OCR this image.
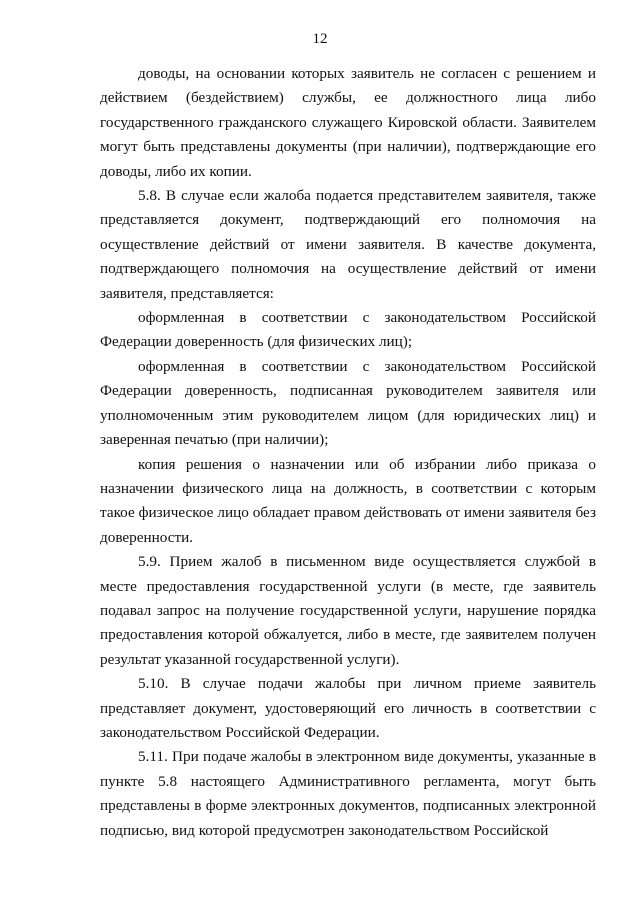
12

доводы, на основании которых заявитель не согласен с решением и действием (бездействием) службы, ее должностного лица либо государственного гражданского служащего Кировской области. Заявителем могут быть представлены документы (при наличии), подтверждающие его доводы, либо их копии.

5.8. В случае если жалоба подается представителем заявителя, также представляется документ, подтверждающий его полномочия на осуществление действий от имени заявителя. В качестве документа, подтверждающего полномочия на осуществление действий от имени заявителя, представляется:

оформленная в соответствии с законодательством Российской Федерации доверенность (для физических лиц);

оформленная в соответствии с законодательством Российской Федерации доверенность, подписанная руководителем заявителя или уполномоченным этим руководителем лицом (для юридических лиц) и заверенная печатью (при наличии);

копия решения о назначении или об избрании либо приказа о назначении физического лица на должность, в соответствии с которым такое физическое лицо обладает правом действовать от имени заявителя без доверенности.

5.9. Прием жалоб в письменном виде осуществляется службой в месте предоставления государственной услуги (в месте, где заявитель подавал запрос на получение государственной услуги, нарушение порядка предоставления которой обжалуется, либо в месте, где заявителем получен результат указанной государственной услуги).

5.10. В случае подачи жалобы при личном приеме заявитель представляет документ, удостоверяющий его личность в соответствии с законодательством Российской Федерации.

5.11. При подаче жалобы в электронном виде документы, указанные в пункте 5.8 настоящего Административного регламента, могут быть представлены в форме электронных документов, подписанных электронной подписью, вид которой предусмотрен законодательством Российской
